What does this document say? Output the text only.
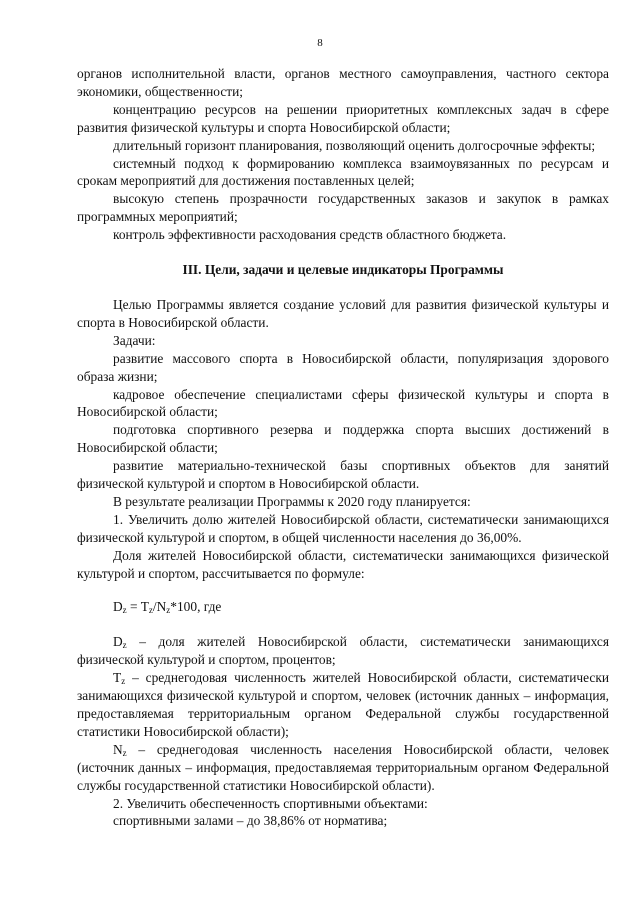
8

органов исполнительной власти, органов местного самоуправления, частного сектора экономики, общественности;

концентрацию ресурсов на решении приоритетных комплексных задач в сфере развития физической культуры и спорта Новосибирской области;

длительный горизонт планирования, позволяющий оценить долгосрочные эффекты;

системный подход к формированию комплекса взаимоувязанных по ресурсам и срокам мероприятий для достижения поставленных целей;

высокую степень прозрачности государственных заказов и закупок в рамках программных мероприятий;

контроль эффективности расходования средств областного бюджета.

III. Цели, задачи и целевые индикаторы Программы

Целью Программы является создание условий для развития физической культуры и спорта в Новосибирской области.

Задачи:

развитие массового спорта в Новосибирской области, популяризация здорового образа жизни;

кадровое обеспечение специалистами сферы физической культуры и спорта в Новосибирской области;

подготовка спортивного резерва и поддержка спорта высших достижений в Новосибирской области;

развитие материально-технической базы спортивных объектов для занятий физической культурой и спортом в Новосибирской области.

В результате реализации Программы к 2020 году планируется:

1. Увеличить долю жителей Новосибирской области, систематически занимающихся физической культурой и спортом, в общей численности населения до 36,00%.

Доля жителей Новосибирской области, систематически занимающихся физической культурой и спортом, рассчитывается по формуле:

$D_z = T_z/N_z*100$, где

$D_z$ – доля жителей Новосибирской области, систематически занимающихся физической культурой и спортом, процентов;

$T_z$ – среднегодовая численность жителей Новосибирской области, систематически занимающихся физической культурой и спортом, человек (источник данных – информация, предоставляемая территориальным органом Федеральной службы государственной статистики Новосибирской области);

$N_z$ – среднегодовая численность населения Новосибирской области, человек (источник данных – информация, предоставляемая территориальным органом Федеральной службы государственной статистики Новосибирской области).

2. Увеличить обеспеченность спортивными объектами:

спортивными залами – до 38,86% от норматива;
